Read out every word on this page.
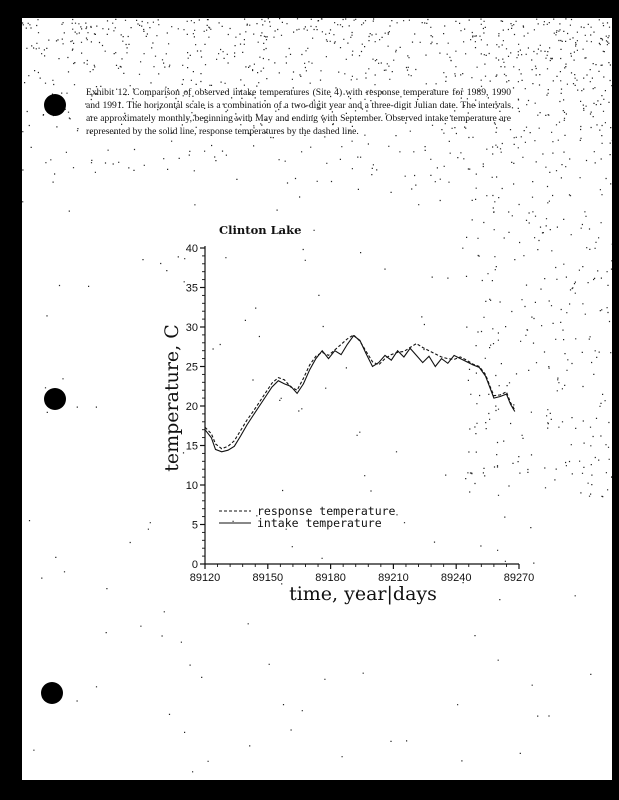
Exhibit 12. Comparison of observed intake temperatures (Site 4) with response temperature for 1989, 1990 and 1991. The horizontal scale is a combination of a two-digit year and a three-digit Julian date. The intervals are approximately monthly, beginning with May and ending with September. Observed intake temperature are represented by the solid line, response temperatures by the dashed line.
0
5
10
15
20
25
30
35
40
89120	89150	89180	89210	89240	89270
Clinton Lake
time, year|days
temperature, C
response temperature
intake temperature
